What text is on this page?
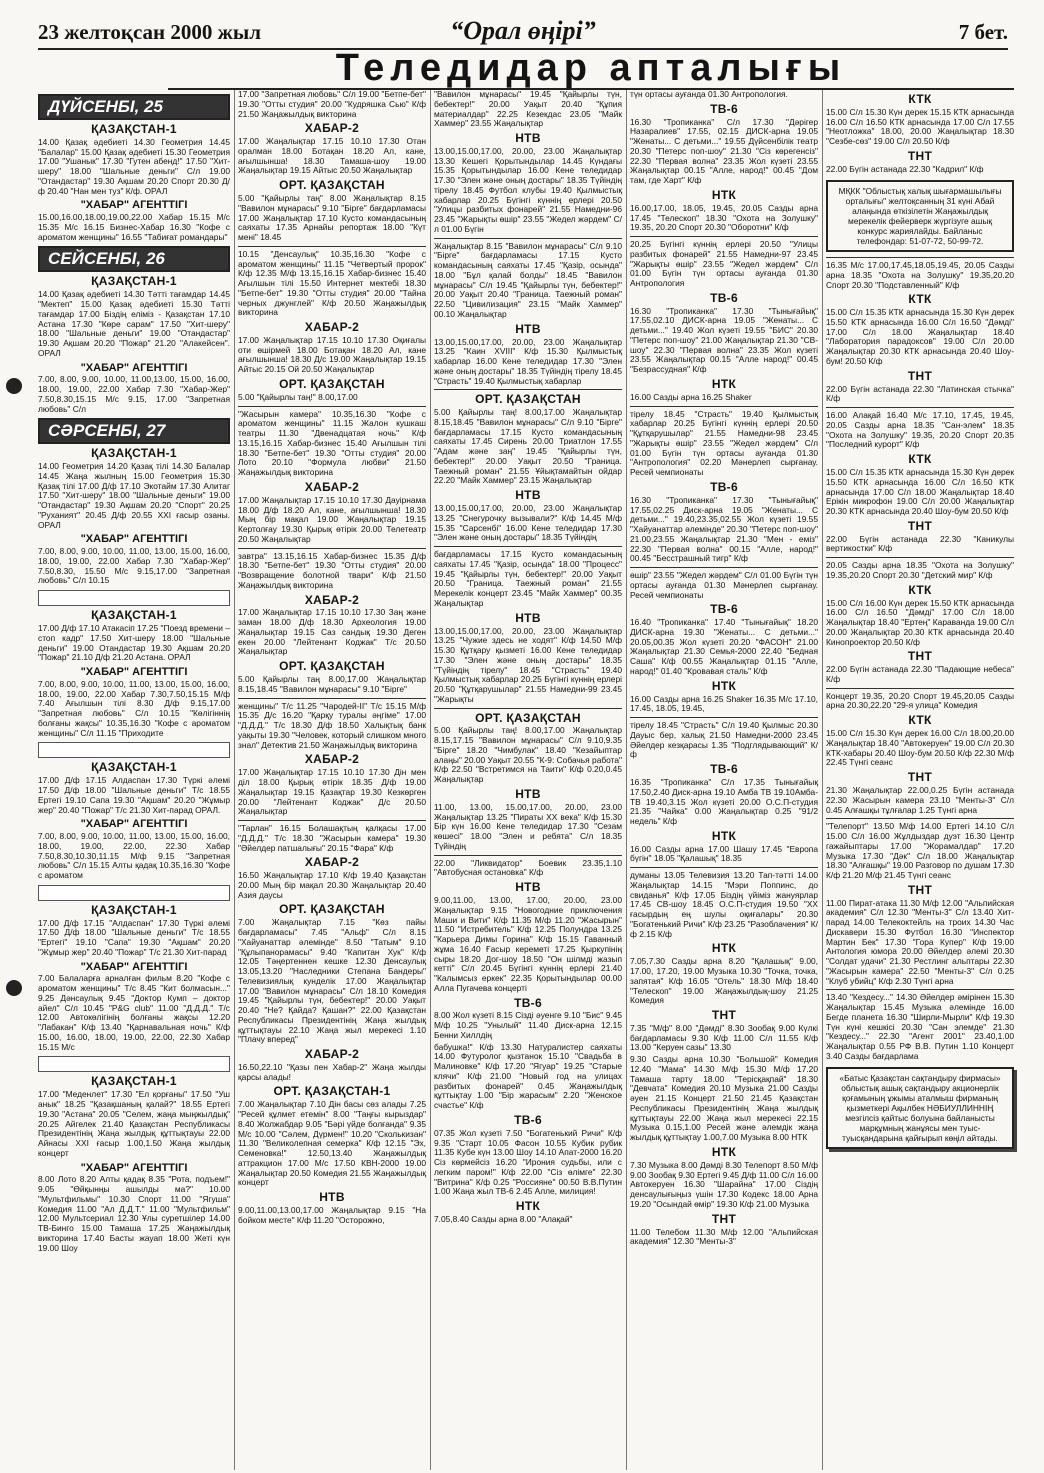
23 желтоқсан 2000 жыл	“Орал өңірі”	7 бет.
Теледидар апталығы
ДҮЙСЕНБІ, 25
ҚАЗАҚСТАН-1
14.00 Қазақ әдебиеті 14.30 Геометрия 14.45 "Балалар" 15.00 Қазақ әдебиеті 15.30 Геометрия 17.00 "Ушанык" 17.30 "Гутен абенд!" 17.50 "Хит-шеру" 18.00 "Шальные деньги" С/л 19.00 "Отандастар" 19.30 Ақшам 20.20 Спорт 20.30 Д/ф 20.40 "Нан мен туз" К/ф. ОРАЛ
"ХАБАР" АГЕНТТІГІ
15.00,16.00,18.00,19.00,22.00 Хабар 15.15 М/с 15.35 М/с 16.15 Бизнес-Хабар 16.30 "Кофе с ароматом женщины" 16.55 "Табиғат романдары"
СЕЙСЕНБІ, 26
ҚАЗАҚСТАН-1
14.00 Қазақ әдебиеті 14.30 Тәтті тағамдар 14.45 "Мектеп" 15.00 Қазақ әдебиеті 15.30 Тәтті тағамдар 17.00 Біздің еліміз - Қазақстан 17.10 Астана 17.30 "Көре сарам" 17.50 "Хит-шеру" 18.00 "Шальные деньги" 19.00 "Отандастар" 19.30 Ақшам 20.20 "Пожар" 21.20 "Алакейсен". ОРАЛ
"ХАБАР" АГЕНТТІГІ
7.00, 8.00, 9.00, 10.00, 11.00,13.00, 15.00, 16.00, 18.00, 19.00, 22.00 Хабар 7.30 "Хабар-Жер" 7.50,8.30,15.15 М/с 9.15, 17.00 "Запретная любовь" С/л
СӘРСЕНБІ, 27
ҚАЗАҚСТАН-1
14.00 Геометрия 14.20 Қазақ тілі 14.30 Балалар 14.45 Жаңа жылның 15.00 Геометрия 15.30 Қазақ тілі 17.00 Д/ф 17.10 Экотайм 17.30 Алитаг 17.50 "Хит-шеру" 18.00 "Шальные деньги" 19.00 "Отандастар" 19.30 Ақшам 20.20 "Спорт" 20.25 "Руханият" 20.45 Д/ф 20.55 XXI ғасыр озаны. ОРАЛ
"ХАБАР" АГЕНТТІГІ
7.00, 8.00, 9.00, 10.00, 11.00, 13.00, 15.00, 16.00, 18.00, 19.00, 22.00 Хабар 7.30 "Хабар-Жер" 7.50,8.30, 15.50 М/с 9.15,17.00 "Запретная любовь" С/л 10.15
ҚАЗАҚСТАН-1
17.00 Д/ф 17.10 Атакасіп 17.25 "Поезд времени – стоп кадр" 17.50 Хит-шеру 18.00 "Шальные деньги" 19.00 Отандастар 19.30 Ақшам 20.20 "Пожар" 21.10 Д/ф 21.20 Астана. ОРАЛ
"ХАБАР" АГЕНТТІГІ
7.00, 8.00, 9.00, 10.00, 11.00, 13.00, 15.00, 16.00, 18.00, 19.00, 22.00 Хабар 7.30,7.50,15.15 М/ф 7.40 Ағылшын тілі 8.30 Д/ф 9.15,17.00 "Запретная любовь" С/л 10.15 "Көлігіннің болғаны жақсы" 10.35,16.30 "Кофе с ароматом женщины" С/л 11.15 "Приходите
ҚАЗАҚСТАН-1
17.00 Д/ф 17.15 Алдаспан 17.30 Түркі әлемі 17.50 Д/ф 18.00 "Шальные деньги" Т/с 18.55 Ертегі 19.10 Сапа 19.30 "Ақшам" 20.20 "Жұмыр жер" 20.40 "Пожар" Т/с 21.30 Хит-парад ОРАЛ.
"ХАБАР" АГЕНТТІГІ
7.00, 8.00, 9.00, 10.00, 11.00, 13.00, 15.00, 16.00, 18.00, 19.00, 22.00, 22.30 Хабар 7.50,8.30,10.30,11.15 М/ф 9.15 "Запретная любовь" С/л 15.15 Алты қадақ 10.35,16.30 "Кофе с ароматом
ҚАЗАҚСТАН-1
17.00 Д/ф 17.15 "Алдаспан" 17.30 Түркі әлемі 17.50 Д/ф 18.00 "Шальные деньги" Т/с 18.55 "Ертегі" 19.10 "Сапа" 19.30 "Ақшам" 20.20 "Жұмыр жер" 20.40 "Пожар" Т/с 21.30 Хит-парад
"ХАБАР" АГЕНТТІГІ
7.00 Балаларға арналған фильм 8.20 "Кофе с ароматом женщины" Т/с 8.45 "Кит болмасын..." 9.25 Дәнсаулық 9.45 "Доктор Кумп – доктор айел" С/л 10.45 "P&G club" 11.00 "Д.Д.Д." Т/с 12.00 Автокөлігінің болғаны жақсы 12.20 "Лабакан" К/ф 13.40 "Қарнавальная ночь" К/ф 15.00, 16.00, 18.00, 19.00, 22.00, 22.30 Хабар 15.15 М/с
ҚАЗАҚСТАН-1
17.00 "Меденлет" 17.30 "Ел қорғаны" 17.50 "Уш анык" 18.25 "Қазақшаның қалай?" 18.55 Ертегі 19.30 "Астана" 20.05 "Селем, жаңа мыңжылдық" 20.25 Айгелек 21.40 Қазақстан Республикасы Президентінің Жаңа жылдық құттықтауы 22.00 Айнасы XXI ғасыр 1.00,1.50 Жаңа жылдық концерт
"ХАБАР" АГЕНТТІГІ
8.00 Лото 8.20 Алты қадақ 8.35 "Рота, подъем!" 9.05 "Өйқынңы ашылды ма?" 10.00 "Мультфильмы" 10.30 Спорт 11.00 "Ягуша" Комедия 11.00 "Ал Д.Д.Т." 11.00 "Мультфильм" 12.00 Мультсериал 12.30 Ұлы суретшілер 14.00 ТВ-Бинго 15.00 Тамаша 17.25 Жаңажылдық викторина 17.40 Басты жауап 18.00 Жеті күн 19.00 Шоу
17.00 "Запретная любовь" С/л 19.00 "Бетпе-бет" 19.30 "Отты студия" 20.00 "Кудряшка Сью" К/ф 21.50 Жаңажылдық викторина
ХАБАР-2
17.00 Жаңалықтар 17.15 10.10 17.30 Отан оралман 18.00 Ботақан 18.20 Ал, кане, ағылшынша! 18.30 Тамаша-шоу 19.00 Жаңалықтар 19.15 Айтыс 20.50 Жаңалықтар
ОРТ. ҚАЗАҚСТАН
5.00 "Қайырлы таң" 8.00 Жаңалықтар 8.15 "Вавилон мұнарасы" 9.10 "Бірге" бағдарламасы 17.00 Жаңалықтар 17.10 Кусто командасының саяхаты 17.35 Арнайы репортаж 18.00 "Күт мені" 18.45
10.15 "Денсаулық" 10.35,16.30 "Кофе с ароматом женщины" 11.15 "Четвертый пророк" К/ф 12.35 М/ф 13.15,16.15 Хабар-бизнес 15.40 Ағылшын тілі 15.50 Интернет мектебі 18.30 "Бетпе-бет" 19.30 "Отты студия" 20.00 "Тайна черных джунглей" К/ф 20.50 Жаңажылдық викторина
ХАБАР-2
17.00 Жаңалықтар 17.15 10.10 17.30 Оқиғалы оти өшірмей 18.00 Ботақан 18.20 Ал, кане ағылшынша! 18.30 Д/с 19.00 Жаңалықтар 19.15 Айтыс 20.15 Ой 20.50 Жаңалықтар
ОРТ. ҚАЗАҚСТАН
5.00 "Қайырлы таң!" 8.00,17.00
"Жасырын камера" 10.35,16.30 "Кофе с ароматом женщины" 11.15 Жалон кушкаш театры 11.30 "Двенадцатая ночь" К/ф 13.15,16.15 Хабар-бизнес 15.40 Ағылшын тілі 18.30 "Бетпе-бет" 19.30 "Отты студия" 20.00 Лото 20.10 "Формула любви" 21.50 Жаңажылдық викторина
ХАБАР-2
17.00 Жаңалықтар 17.15 10.10 17.30 Дауірнама 18.00 Д/ф 18.20 Ал, кане, ағылшынша! 18.30 Мың бір мақал 19.00 Жаңалықтар 19.15 Кертолғау 19.30 Қырық өтірік 20.00 Телетеатр 20.50 Жаңалықтар
завтра" 13.15,16.15 Хабар-бизнес 15.35 Д/ф 18.30 "Бетпе-бет" 19.30 "Отты студия" 20.00 "Возвращение болотной твари" К/ф 21.50 Жаңажылдық викторина
ХАБАР-2
17.00 Жаңалықтар 17.15 10.10 17.30 Заң және заман 18.00 Д/ф 18.30 Археология 19.00 Жаңалықтар 19.15 Саз сандық 19.30 Деген екен 20.00 "Лейтенант Коджак" Т/с 20.50 Жаңалықтар
ОРТ. ҚАЗАҚСТАН
5.00 Қайырлы таң 8.00,17.00 Жаңалықтар 8.15,18.45 "Вавилон мұнарасы" 9.10 "Бірге"
женщины" Т/с 11.25 "Чародей-II" Т/с 15.15 М/ф 15.35 Д/с 16.20 "Қарқу туралы әңгіме" 17.00 "Д.Д.Д." Т/с 18.30 Д/ф 18.50 Халықтық банк уақыты 19.30 "Человек, который слишком много знал" Детектив 21.50 Жаңажылдық викторина
ХАБАР-2
17.00 Жаңалықтар 17.15 10.10 17.30 Дін мен діл 18.00 Қырық өтірік 18.35 Д/ф 19.00 Жаңалықтар 19.15 Қазақтар 19.30 Кезкөрген 20.00 "Лейтенант Коджак" Д/с 20.50 Жаңалықтар
"Тарлан" 16.15 Болашақтың қалқасы 17.00 "Д.Д.Д." Т/с 18.30 "Жасырын камера" 19.30 "Әйелдер патшалығы" 20.15 "Фара" К/ф
ХАБАР-2
16.50 Жаңалықтар 17.10 К/ф 19.40 Қазақстан 20.00 Мың бір мақал 20.30 Жаңалықтар 20.40 Азия даусы
ОРТ. ҚАЗАҚСТАН
7.00 Жаңалықтар 7.15 "Көз пайы бағдарламасы" 7.45 "Альф" С/л 8.15 "Хайуанаттар әлемінде" 8.50 "Татым" 9.10 "Құлыпанорамасы" 9.40 "Капитан Хук" К/ф 12.05 Тәңертеннен кешке 12.30 Денсаулық 13.05,13.20 "Наследники Степана Бандеры" Телевизиялық кунделік 17.00 Жаңалықтар 17.00 "Вавилон мұнарасы" С/л 18.10 Комедия 19.45 "Қайырлы түн, бебектер!" 20.00 Уақыт 20.40 "Не? Қайда? Қашан?" 22.00 Қазақстан Республикасы Президентінің Жаңа жылдық құттықтауы 22.10 Жаңа жыл мерекесі 1.10 "Плачу вперед"
ХАБАР-2
16.50,22.10 "Қазы пен Хабар-2" Жаңа жылды қарсы алады!
ОРТ. ҚАЗАҚСТАН-1
7.00 Жаңалықтар 7.10 Дін басы сөз алады 7.25 "Ресей құлмет етемін" 8.00 "Таңғы кырыздар" 8.40 Жолжабдар 9.05 "Бәрі үйде болғанда" 9.35 М/с 10.00 "Сәлем, Дүрмен!" 10.20 "Сколькизан" 11.30 "Великолепная семерка" К/ф 12.15 "Эх, Семеновка!" 12.50,13.40 Жаңажылдық аттракцион 17.00 М/с 17.50 КВН-2000 19.00 Жаңалықтар 20.50 Комедия 21.55 Жаңажылдық концерт
НТВ
9.00,11.00,13.00,17.00 Жаңалықтар 9.15 "На бойком месте" К/ф 11.20 "Осторожно,
"Вавилон мұнарасы" 19.45 "Қайырлы түн, бебектер!" 20.00 Уақыт 20.40 "Құпия материалдар" 22.25 Кезекдас 23.05 "Майк Хаммер" 23.55 Жаңалықтар
НТВ
13.00,15.00,17.00, 20.00, 23.00 Жаңалықтар 13.30 Кешегі Қорытындылар 14.45 Күндағы 15.35 Қорытындылар 16.00 Кене теледидар 17.30 "Элен және оның достары" 18.35 Түйіндің тірелу 18.45 Футбол клубы 19.40 Қылмыстық хабарлар 20.25 Бүгінгі күннің ерлері 20.50 "Улицы разбитых фонарей" 21.55 Намедни-96 23.45 "Жарықты өшір" 23.55 "Жедел жәрдем" С/л 01.00 Бүгін
Жаңалықтар 8.15 "Вавилон мұнарасы" С/л 9.10 "Бірге" бағдарламасы 17.15 Кусто командасының саяхаты 17.45 "Қазір, осында" 18.00 "Бұл қалай болды" 18.45 "Вавилон мұнарасы" С/л 19.45 "Қайырлы түн, бебектер!" 20.00 Уақыт 20.40 "Граница. Таежный роман" 22.50 "Цивилизация" 23.15 "Майк Хаммер" 00.10 Жаңалықтар
НТВ
13.00,15.00,17.00, 20.00, 23.00 Жаңалықтар 13.25 "Каин XVIII" К/ф 15.30 Қылмыстық хабарлар 16.00 Кене теледидар 17.30 "Элен және оның достары" 18.35 Түйіндің тірелу 18.45 "Страсть" 19.40 Қылмыстық хабарлар
ОРТ. ҚАЗАҚСТАН
5.00 Қайырлы таң! 8.00,17.00 Жаңалықтар 8.15,18.45 "Вавилон мұнарасы" С/л 9.10 "Бірге" бағдарламасы 17.15 Кусто командасының саяхаты 17.45 Сирень 20.00 Триатлон 17.55 "Адам және заң" 19.45 "Қайырлы түн, бебектер!" 20.00 Уақыт 20.50 "Граница. Таежный роман" 21.55 Ұйықтамайтын ойдар 22.20 "Майк Хаммер" 23.15 Жаңалықтар
НТВ
13.00,15.00,17.00, 20.00, 23.00 Жаңалықтар 13.25 "Снегурочку вызывали?" К/ф 14.45 М/ф 15.35 "Сарсенбі" 16.00 Кене теледидар 17.30 "Элен және оның достары" 18.35 Түйіндің
бағдарламасы 17.15 Кусто командасының саяхаты 17.45 "Қазір, осында" 18.00 "Процесс" 19.45 "Қайырлы түн, бебектер!" 20.00 Уақыт 20.50 "Граница. Таежный роман" 21.55 Мерекелік концерт 23.45 "Майк Хаммер" 00.35 Жаңалықтар
НТВ
13.00,15.00,17.00, 20.00, 23.00 Жаңалықтар 13.25 "Чужие здесь не ходят" К/ф 14.50 М/ф 15.30 Құтқару қызметі 16.00 Кене теледидар 17.30 "Элен және оның достары" 18.35 "Түйіндің тірелу" 18.45 "Страсть" 19.40 Қылмыстық хабарлар 20.25 Бүгінгі күннің ерлері 20.50 "Құтқарушылар" 21.55 Намедни-99 23.45 "Жарықты
ОРТ. ҚАЗАҚСТАН
5.00 Қайырлы таң! 8.00,17.00 Жаңалықтар 8.15,17.15 "Вавилон мұнарасы" С/л 9.10,9.35 "Бірге" 18.20 "Чимбулак" 18.40 "Кезайыптар алаңы" 20.00 Уақыт 20.55 "К-9: Собачья работа" К/ф 22.50 "Встретимся на Таити" К/ф 0.20,0.45 Жаңалықтар
НТВ
11.00, 13.00, 15.00,17.00, 20.00, 23.00 Жаңалықтар 13.25 "Пираты XX века" К/ф 15.30 Бір күн 16.00 Кене теледидар 17.30 "Сезам көшесі" 18.00 "Элен и ребята" С/л 18.35 Түйіндің
22.00 "Ликвидатор" Боевик 23.35,1.10 "Автобусная остановка" К/ф
НТВ
9.00,11.00, 13.00, 17.00, 20.00, 23.00 Жаңалықтар 9.15 "Новогодние приключения Маши и Вити" К/ф 11.35 М/ф 11.20 "Жасырын" 11.50 "Истребитель" К/ф 12.25 Полундра 13.25 "Карьера Димы Горина" К/ф 15.15 Гаванный жұма 16.40 Ғасыр кереметі 17.25 Қыркупінің сыры 18.20 Дог-шоу 18.50 "Он шілмді жазып кетті" С/л 20.45 Бүгінгі күннің ерлері 21.40 "Калымсыз еркек" 22.35 Қорытындылар 00.00 Алла Пугачева концерті
ТВ-6
8.00 Жол күзеті 8.15 Сізді әуенге 9.10 "Бис" 9.45 М/ф 10.25 "Унылый" 11.40 Диск-арна 12.15 Бенни Хиллдің
бабушка!" К/ф 13.30 Натуралистер саяхаты 14.00 Футуролог қызтанок 15.10 "Свадьба в Малиновке" К/ф 17.20 "Ягуар" 19.25 "Старые клячи" К/ф 21.00 "Новый год на улицах разбитых фонарей" 0.45 Жаңажылдық құттықтау 1.00 "Бір жарасым" 2.20 "Женское счастье" К/ф
ТВ-6
07.35 Жол күзеті 7.50 "Богатенький Ричи" К/ф 9.35 "Старт 10.05 Фасон 10.55 Кубик рубик 11.35 Кубе күн 13.00 Шоу 14.10 Апат-2000 16.20 Сіз көрмейсіз 16.20 "Ирония судьбы, или с легким паром!" К/ф 22.00 "Сіз өлімге" 22.30 "Витрина" К/ф 0.25 "Россияне" 00.50 В.В.Путин 1.00 Жаңа жыл ТВ-6 2.45 Алле, милиция!
НТК
7.05,8.40 Сазды арна 8.00 "Алақай"
түн ортасы ауғанда 01.30 Антропология.
ТВ-6
16.30 "Тропиканка" С/л 17.30 "Дәрігер Назаралиев" 17.55, 02.15 ДИСК-арна 19.05 "Женаты... С детьми..." 19.55 Дүйсенбілік театр 20.30 "Петерс поп-шоу" 21.30 "Сіз көрегенсіз" 22.30 "Первая волна" 23.35 Жол күзеті 23.55 Жаңалықтар 00.15 "Алле, народ!" 00.45 "Дом там, где Харт" К/ф
НТК
16.00,17.00, 18.05, 19.45, 20.05 Сазды арна 17.45 "Телескоп" 18.30 "Охота на Золушку" 19.35, 20.20 Спорт 20.30 "Оборотни" К/ф
20.25 Бүгінгі күннің ерлері 20.50 "Улицы разбитых фонарей" 21.55 Намедни-97 23.45 "Жарықты өшір" 23.55 "Жедел жәрдем" С/л 01.00 Бүгін түн ортасы ауғанда 01.30 Антропология
ТВ-6
16.30 "Тропиканка" 17.30 "Тынығайық" 17.55,02.10 ДИСК-арна 19.05 "Женаты... С детьми..." 19.40 Жол күзеті 19.55 "БИС" 20.30 "Петерс поп-шоу" 21.00 Жаңалықтар 21.30 "СВ-шоу" 22.30 "Первая волна" 23.35 Жол күзеті 23.55 Жаңалықтар 00.15 "Алле народ!" 00.45 "Безрассудная" К/ф
НТК
16.00 Сазды арна 16.25 Shaker
тірелу 18.45 "Страсть" 19.40 Қылмыстық хабарлар 20.25 Бүгінгі күннің ерлері 20.50 "Құтқарушылар" 21.55 Намедни-98 23.45 "Жарықты өшір" 23.55 "Жедел жәрдем" С/л 01.00 Бүгін түн ортасы ауғанда 01.30 "Антропология" 02.20 Мәнерлеп сырғанау. Ресей чемпионаты
ТВ-6
16.30 "Тропиканка" 17.30 "Тынығайық" 17.55,02.25 Диск-арна 19.05 "Женаты... С детьми..." 19.40,23.35,02.55 Жол күзеті 19.55 "Хайуанаттар әлемінде" 20.30 "Петерс поп-шоу" 21.00,23.55 Жаңалықтар 21.30 "Мен - еміз" 22.30 "Первая волна" 00.15 "Алле, народ!" 00.45 "Бесстрашный тигр" К/ф
өшір" 23.55 "Жедел жәрдем" С/л 01.00 Бүгін түн ортасы ауғанда 01.30 Мәнерлеп сырғанау. Ресей чемпионаты
ТВ-6
16.40 "Тропиканка" 17.40 "Тынығайық" 18.20 ДИСК-арна 19.30 "Женаты... С детьми..." 20.05,00.35 Жол күзеті 20.20 "ФАСОН" 21.00 Жаңалықтар 21.30 Семья-2000 22.40 "Бедная Саша" К/ф 00.55 Жаңалықтар 01.15 "Алле, народ!" 01.40 "Кровавая сталь" К/ф
НТК
16.00 Сазды арна 16.25 Shaker 16.35 М/с 17.10, 17.45, 18.05, 19.45,
тірелу 18.45 "Страсть" С/л 19.40 Қылмыс 20.30 Дауыс бер, халық 21.50 Намедни-2000 23.45 Әйелдер кезқарасы 1.35 "Подглядывающий" К/ф
ТВ-6
16.35 "Тропиканка" С/л 17.35 Тынығайық 17.50,2.40 Диск-арна 19.10 Амба ТВ 19.10Амба-ТВ 19.40,3.15 Жол күзеті 20.00 О.С.П-студия 21.35 "Чайка" 0.00 Жаңалықтар 0.25 "91/2 недель" К/ф
НТК
16.00 Сазды арна 17.00 Шашу 17.45 "Европа бүгін" 18.05 "Қалашық" 18.35
думаны 13.05 Телевизия 13.20 Тап-тәтті 14.00 Жаңалықтар 14.15 "Мэри Поппинс, до свиданья" К/ф 17.05 Біздің үйіміз жануярлар 17.45 СВ-шоу 18.45 О.С.П-студия 19.50 "XX ғасырдың ең шулы оқиғалары" 20.30 "Богатенький Ричи" К/ф 23.25 "Разоблачения" К/ф 2.15 К/ф
НТК
7.05,7.30 Сазды арна 8.20 "Қалашық" 9.00, 17.00, 17.20, 19.00 Музыка 10.30 "Точка, точка, запятая" К/ф 16.05 "Отель" 18.30 М/ф 18.40 "Телескоп" 19.00 Жаңажылдық-шоу 21.25 Комедия
ТНТ
7.35 "М/ф" 8.00 "Дәмді" 8.30 Зообақ 9.00 Күлкі бағдарламасы 9.30 К/ф 11.00 С/л 11.55 К/ф 13.00 "Керуен сазы" 13.30
9.30 Сазды арна 10.30 "Большой" Комедия 12.40 "Мама" 14.30 М/ф 15.30 М/ф 17.20 Тамаша тарту 18.00 "Терісқақпай" 18.30 "Девчата" Комедия 20.10 Музыка 21.00 Сазды әуен 21.15 Концерт 21.50 21.45 Қазақстан Республикасы Президентінің Жаңа жылдық құттықтауы 22.00 Жаңа жыл мерекесі 22.15 Музыка 0.15,1.00 Ресей және әлемдік жаңа жылдық құттықтау 1.00,7.00 Музыка 8.00 НТК
НТК
7.30 Музыка 8.00 Дәмді 8.30 Телепорт 8.50 М/ф 9.00 Зообақ 9.30 Ертегі 9.45 Д/ф 11.00 С/л 16.00 Автокеруен 16.30 "Шарайна" 17.00 Сіздің денсаулығыңыз үшін 17.30 Кодекс 18.00 Арна 19.20 "Осындай өмір" 19.30 К/ф 21.00 Музыка
ТНТ
11.00 Телебом 11.30 М/ф 12.00 "Альпийская академия" 12.30 "Менты-3"
КТК
15.00 С/л 15.30 Күн дерек 15.15 КТК арнасында 16.00 С/л 16.50 КТК арнасында 17.00 С/л 17.55 "Неотложка" 18.00, 20.00 Жаңалықтар 18.30 "Сезбе-сөз" 19.00 С/л 20.50 К/ф
ТНТ
22.00 Бүгін астанада 22.30 "Кадрил" К/ф
МҚКК "Облыстық халық шығармашылығы орталығы" желтоқсанның 31 күні Абай алаңында өткізілетін Жаңажылдық мерекелік фейерверк жүргізуге ашық конкурс жариялайды. Байланыс телефондар: 51-07-72, 50-99-72.
16.35 М/с 17.00,17.45,18.05,19.45, 20.05 Сазды арна 18.35 "Охота на Золушку" 19.35,20.20 Спорт 20.30 "Подставленный" К/ф
КТК
15.00 С/л 15.35 КТК арнасында 15.30 Күн дерек 15.50 КТК арнасында 16.00 С/л 16.50 "Дәмді" 17.00 С/л 18.00 Жаңалықтар 18.40 "Лаборатория парадоксов" 19.00 С/л 20.00 Жаңалықтар 20.30 КТК арнасында 20.40 Шоу-бум! 20.50 К/ф
ТНТ
22.00 Бүгін астанада 22.30 "Латинская стычка" К/ф
16.00 Алақай 16.40 М/с 17.10, 17.45, 19.45, 20.05 Сазды арна 18.35 "Сан-элем" 18.35 "Охота на Золушку" 19.35, 20.20 Спорт 20.35 "Последний курорт" К/ф
КТК
15.00 С/л 15.35 КТК арнасында 15.30 Күн дерек 15.50 КТК арнасында 16.00 С/л 16.50 КТК арнасында 17.00 С/л 18.00 Жаңалықтар 18.40 Ерікін микрофон 19.00 С/л 20.00 Жаңалықтар 20.30 КТК арнасында 20.40 Шоу-бум 20.50 К/ф
ТНТ
22.00 Бүгін астанада 22.30 "Каникулы вертикостки" К/ф
20.05 Сазды арна 18.35 "Охота на Золушку" 19.35,20.20 Спорт 20.30 "Детский мир" К/ф
КТК
15.00 С/л 16.00 Күн дерек 15.50 КТК арнасында 16.00 С/л 16.50 "Дәмді" 17.00 С/л 18.00 Жаңалықтар 18.40 "Ертең" Караванда 19.00 С/л 20.00 Жаңалықтар 20.30 КТК арнасында 20.40 Кинопроектор 20.50 К/ф
ТНТ
22.00 Бүгін астанада 22.30 "Падающие небеса" К/ф
Концерт 19.35, 20.20 Спорт 19.45,20.05 Сазды арна 20.30,22.20 "29-я улица" Комедия
КТК
15.00 С/л 15.30 Күн дерек 16.00 С/л 18.00,20.00 Жаңалықтар 18.40 "Автокеруен" 19.00 С/л 20.30 КТК-хабары 20.40 Шоу-бум 20.50 К/ф 22.30 М/ф 22.45 Түнгі сеанс
ТНТ
21.30 Жаңалықтар 22.00,0.25 Бүгін астанада 22.30 Жасырын камера 23.10 "Менты-3" С/л 0.45 Алғашқы тұлғалар 1.25 Түнгі арна
"Телепорт" 13.50 М/ф 14.00 Ертегі 14.10 С/л 15.00 С/л 16.00 Жұлдыздар дуэт 16.30 Центр гажайыптары 17.00 "Жорамалдар" 17.20 Музыка 17.30 "Дәк" С/л 18.00 Жаңалықтар 18.30 "Алғашқы" 19.00 Разговор по душам 17.30 К/ф 21.20 М/ф 21.45 Түнгі сеанс
ТНТ
11.00 Пират-атака 11.30 М/ф 12.00 "Альпийская академия" С/л 12.30 "Менты-3" С/л 13.40 Хит-парад 14.00 Телекоктейль на троих 14.30 Час Дискавери 15.30 Футбол 16.30 "Инспектор Мартин Бек" 17.30 "Гора Купер" К/ф 19.00 Антология юмора 20.00 Әйелдер әлемі 20.30 "Солдат удачи" 21.30 Рестлинг альптары 22.30 "Жасырын камера" 22.50 "Менты-3" С/л 0.25 "Клуб убийц" К/ф 2.30 Түнгі арна
13.40 "Кездесу..." 14.30 Әйелдер әмірінен 15.30 Жаңалықтар 15.45 Музыка әлемінде 16.00 Бегде планета 16.30 "Ширли-Мырли" К/ф 19.30 Түн күні кешкісі 20.30 "Сан элемде" 21.30 "Кездесу..." 22.30 "Агент 2001" 23.40,1.00 Жаңалықтар 0.55 РФ В.В. Путин 1.10 Концерт 3.40 Сазды бағдарлама
«Батыс Қазақстан сақтандыру фирмасы» облыстық ашық сақтандыру акционерлік қоғамының ұжымы аталмыш фирманың қызметкері Ақылбек НӘБИУЛЛИННІҢ мезгілсіз қайтыс болуына байланысты марқұмның жанұясы мен туыс-туысқандарына қайғырып көңіл айтады.
